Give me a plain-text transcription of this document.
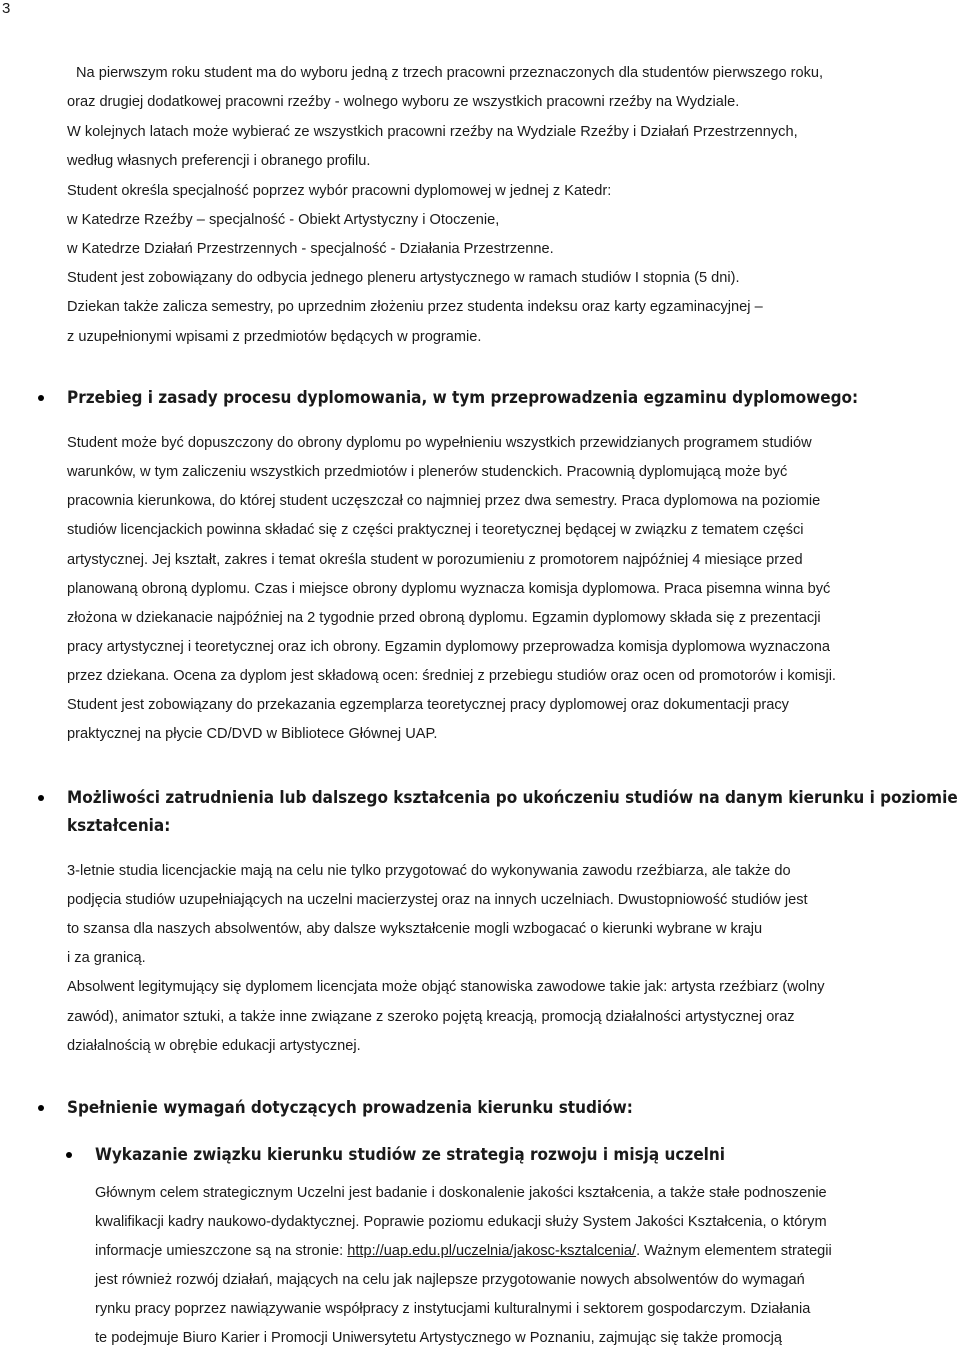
3
Na pierwszym roku student ma do wyboru jedną z trzech pracowni przeznaczonych dla studentów pierwszego roku,
oraz drugiej dodatkowej pracowni rzeźby - wolnego wyboru ze wszystkich pracowni rzeźby na Wydziale.
W kolejnych latach może wybierać ze wszystkich pracowni rzeźby na Wydziale Rzeźby i Działań Przestrzennych,
według własnych preferencji i obranego profilu.
Student określa specjalność poprzez wybór pracowni dyplomowej w jednej z Katedr:
w Katedrze Rzeźby – specjalność - Obiekt Artystyczny i Otoczenie,
w Katedrze Działań Przestrzennych - specjalność - Działania Przestrzenne.
Student jest zobowiązany do odbycia jednego pleneru artystycznego w ramach studiów I stopnia (5 dni).
Dziekan także zalicza semestry, po uprzednim złożeniu przez studenta indeksu oraz karty egzaminacyjnej –
z uzupełnionymi wpisami z przedmiotów będących w programie.
Przebieg i zasady procesu dyplomowania, w tym przeprowadzenia egzaminu dyplomowego:
Student może być dopuszczony do obrony dyplomu po wypełnieniu wszystkich przewidzianych programem studiów
warunków, w tym zaliczeniu wszystkich przedmiotów i plenerów studenckich. Pracownią dyplomującą może być
pracownia kierunkowa, do której student uczęszczał co najmniej przez dwa semestry. Praca dyplomowa na poziomie
studiów licencjackich powinna składać się z części praktycznej i teoretycznej będącej w związku z tematem części
artystycznej. Jej kształt, zakres i temat określa student w porozumieniu z promotorem najpóźniej 4 miesiące przed
planowaną obroną dyplomu. Czas i miejsce obrony dyplomu wyznacza komisja dyplomowa. Praca pisemna winna być
złożona w dziekanacie najpóźniej na 2 tygodnie przed obroną dyplomu. Egzamin dyplomowy składa się z prezentacji
pracy artystycznej i teoretycznej oraz ich obrony. Egzamin dyplomowy przeprowadza komisja dyplomowa wyznaczona
przez dziekana. Ocena za dyplom jest składową ocen: średniej z przebiegu studiów oraz ocen od promotorów i komisji.
Student jest zobowiązany do przekazania egzemplarza teoretycznej pracy dyplomowej oraz dokumentacji pracy
praktycznej na płycie CD/DVD w Bibliotece Głównej UAP.
Możliwości zatrudnienia lub dalszego kształcenia po ukończeniu studiów na danym kierunku i poziomie
kształcenia:
3-letnie studia licencjackie mają na celu nie tylko przygotować do wykonywania zawodu rzeźbiarza, ale także do
podjęcia studiów uzupełniających na uczelni macierzystej oraz na innych uczelniach. Dwustopniowość studiów jest
to szansa dla naszych absolwentów, aby dalsze wykształcenie mogli wzbogacać o kierunki wybrane w kraju
i za granicą.
Absolwent legitymujący się dyplomem licencjata może objąć stanowiska zawodowe takie jak: artysta rzeźbiarz (wolny
zawód), animator sztuki, a także inne związane z szeroko pojętą kreacją, promocją działalności artystycznej oraz
działalnością w obrębie edukacji artystycznej.
Spełnienie wymagań dotyczących prowadzenia kierunku studiów:
Wykazanie związku kierunku studiów ze strategią rozwoju i misją uczelni
Głównym celem strategicznym Uczelni jest badanie i doskonalenie jakości kształcenia, a także stałe podnoszenie
kwalifikacji kadry naukowo-dydaktycznej. Poprawie poziomu edukacji służy System Jakości Kształcenia, o którym
informacje umieszczone są na stronie: http://uap.edu.pl/uczelnia/jakosc-ksztalcenia/. Ważnym elementem strategii
jest również rozwój działań, mających na celu jak najlepsze przygotowanie nowych absolwentów do wymagań
rynku pracy poprzez nawiązywanie współpracy z instytucjami kulturalnymi i sektorem gospodarczym. Działania
te podejmuje Biuro Karier i Promocji Uniwersytetu Artystycznego w Poznaniu, zajmując się także promocją
